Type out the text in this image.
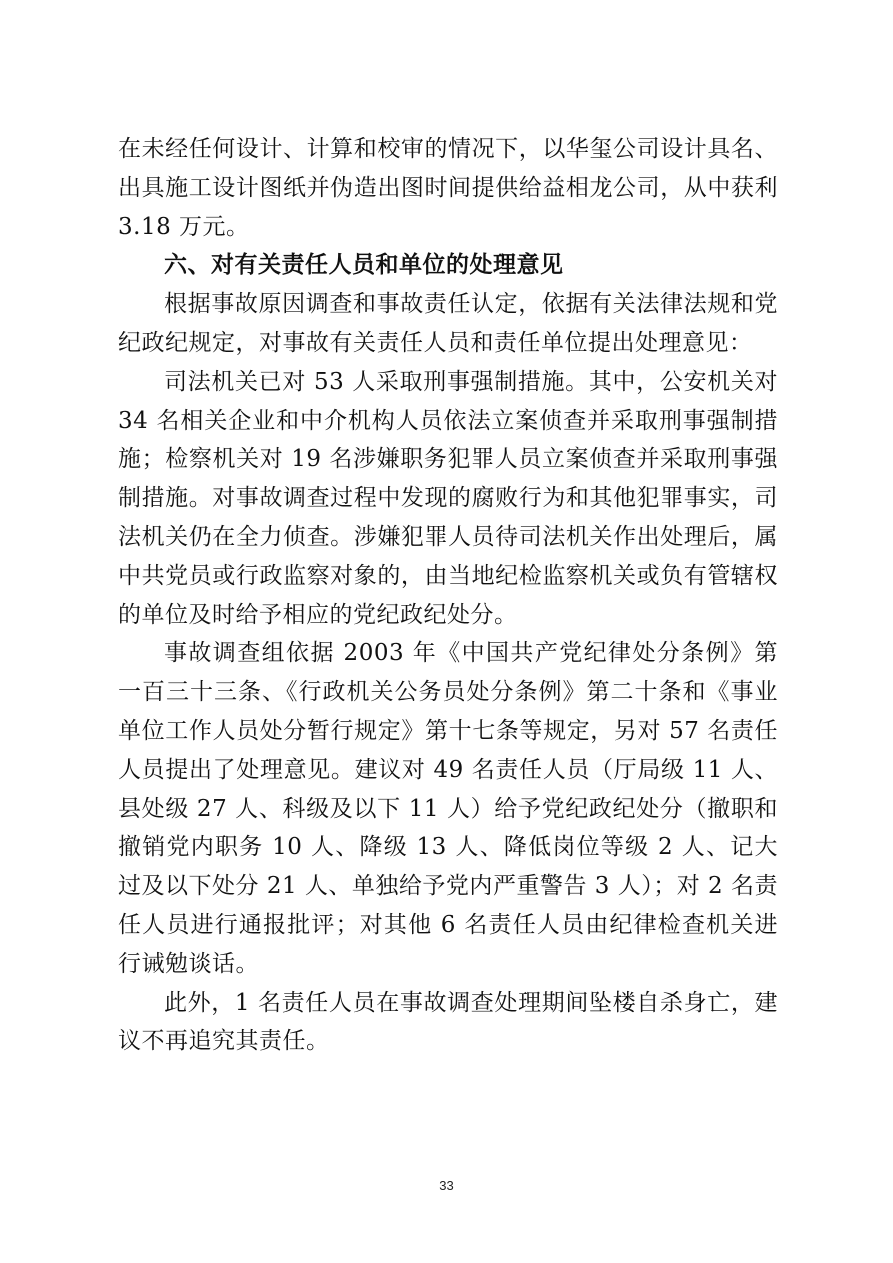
在未经任何设计、计算和校审的情况下，以华玺公司设计具名、出具施工设计图纸并伪造出图时间提供给益相龙公司，从中获利 3.18 万元。

六、对有关责任人员和单位的处理意见

根据事故原因调查和事故责任认定，依据有关法律法规和党纪政纪规定，对事故有关责任人员和责任单位提出处理意见：

司法机关已对 53 人采取刑事强制措施。其中，公安机关对 34 名相关企业和中介机构人员依法立案侦查并采取刑事强制措施；检察机关对 19 名涉嫌职务犯罪人员立案侦查并采取刑事强制措施。对事故调查过程中发现的腐败行为和其他犯罪事实，司法机关仍在全力侦查。涉嫌犯罪人员待司法机关作出处理后，属中共党员或行政监察对象的，由当地纪检监察机关或负有管辖权的单位及时给予相应的党纪政纪处分。

事故调查组依据 2003 年《中国共产党纪律处分条例》第一百三十三条、《行政机关公务员处分条例》第二十条和《事业单位工作人员处分暂行规定》第十七条等规定，另对 57 名责任人员提出了处理意见。建议对 49 名责任人员（厅局级 11 人、县处级 27 人、科级及以下 11 人）给予党纪政纪处分（撤职和撤销党内职务 10 人、降级 13 人、降低岗位等级 2 人、记大过及以下处分 21 人、单独给予党内严重警告 3 人）；对 2 名责任人员进行通报批评；对其他 6 名责任人员由纪律检查机关进行诫勉谈话。

此外，1 名责任人员在事故调查处理期间坠楼自杀身亡，建议不再追究其责任。

33
